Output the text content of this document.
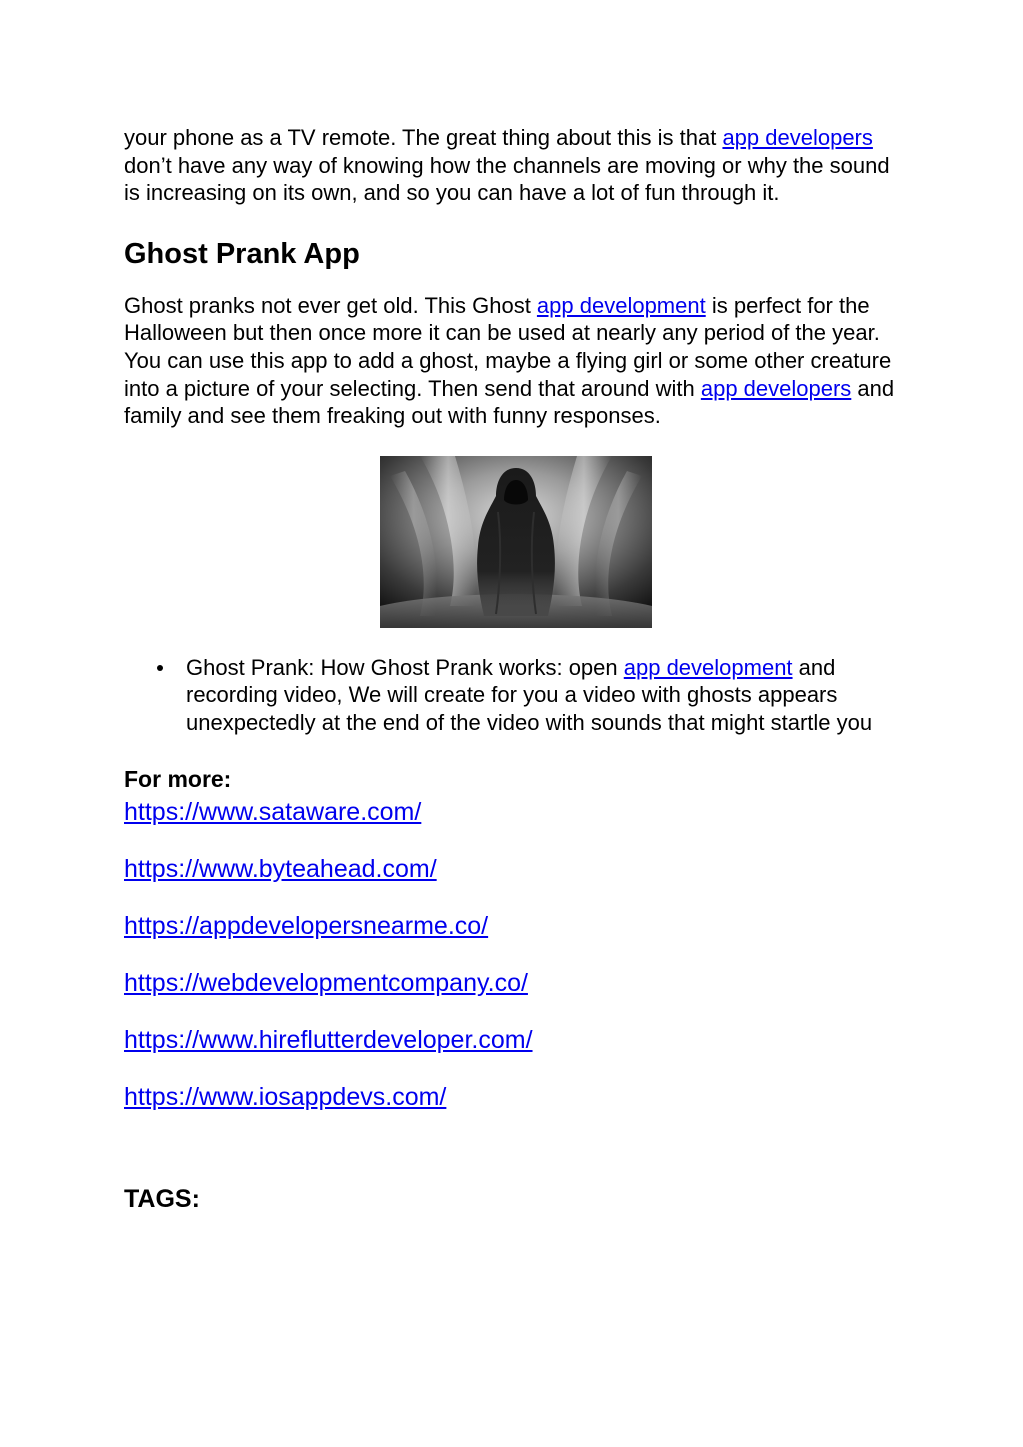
your phone as a TV remote. The great thing about this is that app developers don’t have any way of knowing how the channels are moving or why the sound is increasing on its own, and so you can have a lot of fun through it.

Ghost Prank App

Ghost pranks not ever get old. This Ghost app development is perfect for the Halloween but then once more it can be used at nearly any period of the year. You can use this app to add a ghost, maybe a flying girl or some other creature into a picture of your selecting. Then send that around with app developers and family and see them freaking out with funny responses.

Ghost Prank: How Ghost Prank works: open app development and recording video, We will create for you a video with ghosts appears unexpectedly at the end of the video with sounds that might startle you
For more:
https://www.sataware.com/
https://www.byteahead.com/
https://appdevelopersnearme.co/
https://webdevelopmentcompany.co/
https://www.hireflutterdeveloper.com/
https://www.iosappdevs.com/
TAGS:
